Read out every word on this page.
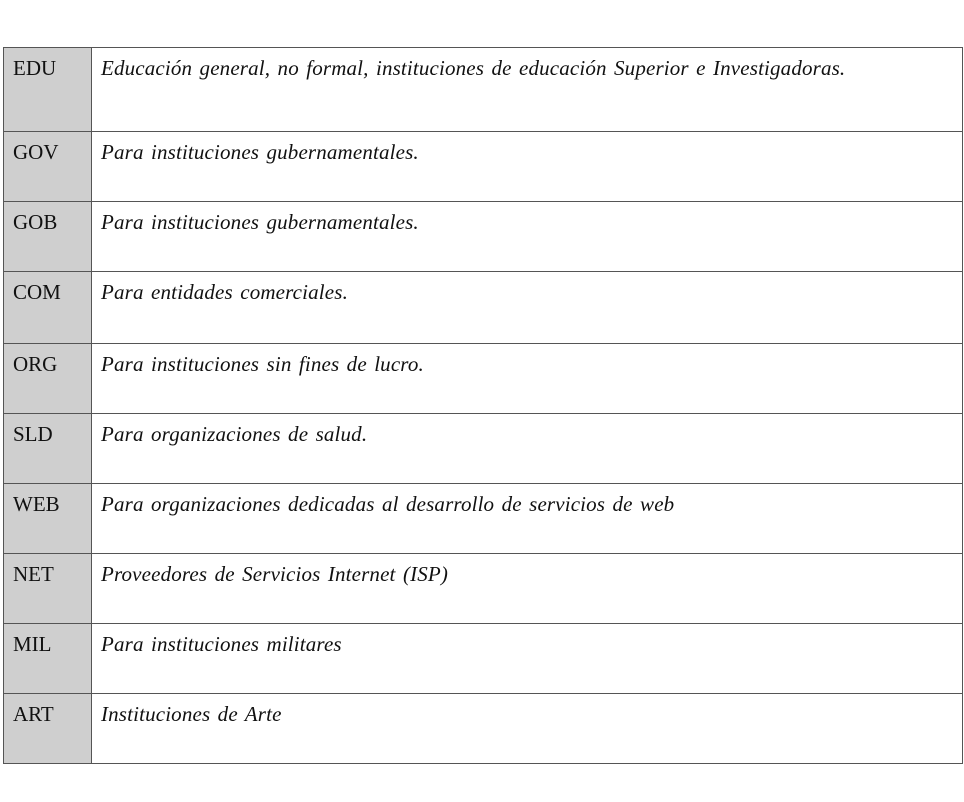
EDU	Educación general, no formal, instituciones de educación Superior e Investigadoras.
GOV	Para instituciones gubernamentales.
GOB	Para instituciones gubernamentales.
COM	Para entidades comerciales.
ORG	Para instituciones sin fines de lucro.
SLD	Para organizaciones de salud.
WEB	Para organizaciones dedicadas al desarrollo de servicios de web
NET	Proveedores de Servicios Internet (ISP)
MIL	Para instituciones militares
ART	Instituciones de Arte
